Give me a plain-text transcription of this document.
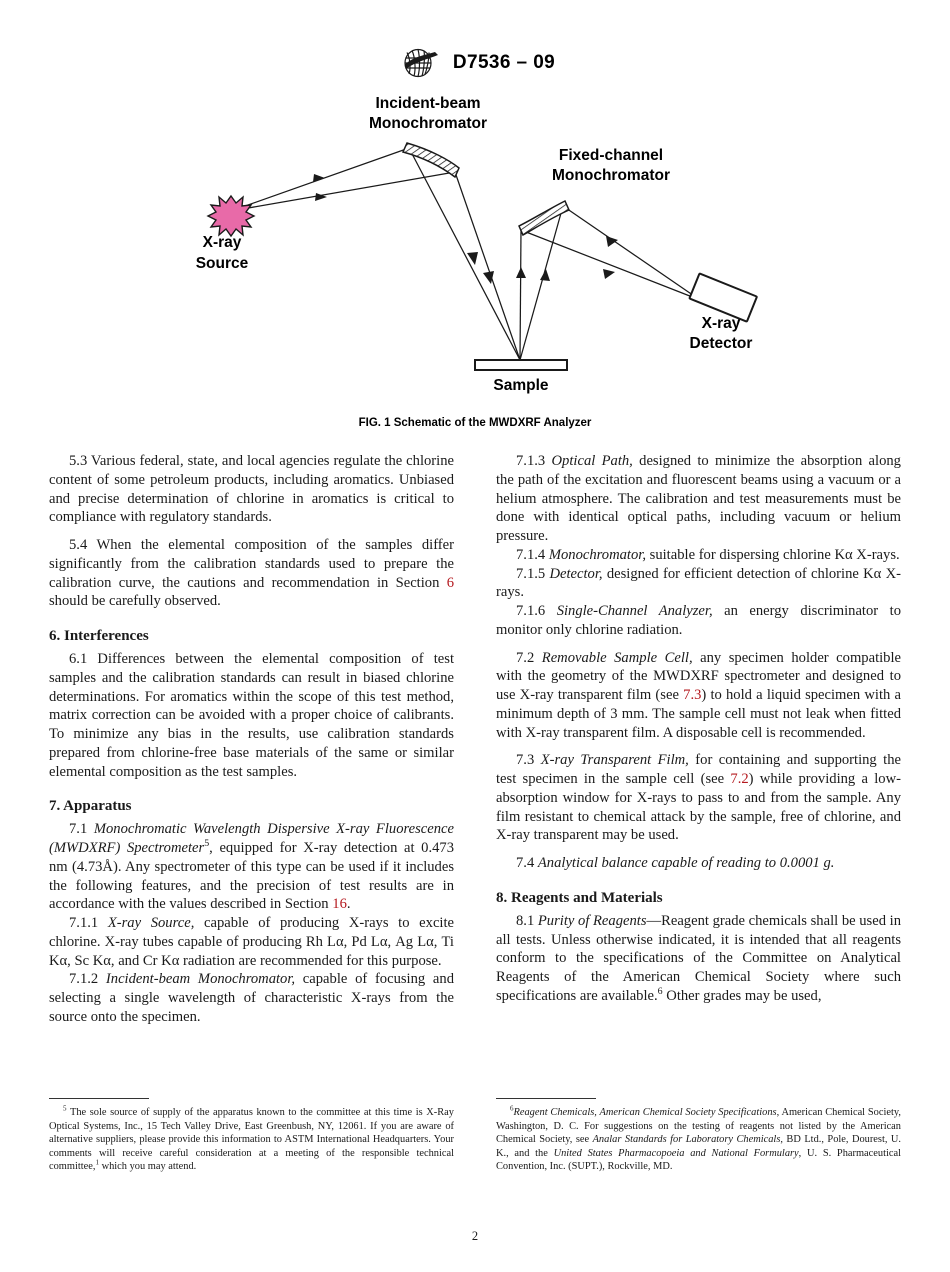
D7536 – 09
Incident-beam
Monochromator
Fixed-channel
Monochromator
X-ray
Source
X-ray
Detector
Sample
FIG. 1 Schematic of the MWDXRF Analyzer

5.3 Various federal, state, and local agencies regulate the chlorine content of some petroleum products, including aromatics. Unbiased and precise determination of chlorine in aromatics is critical to compliance with regulatory standards.

5.4 When the elemental composition of the samples differ significantly from the calibration standards used to prepare the calibration curve, the cautions and recommendation in Section 6 should be carefully observed.

6. Interferences

6.1 Differences between the elemental composition of test samples and the calibration standards can result in biased chlorine determinations. For aromatics within the scope of this test method, matrix correction can be avoided with a proper choice of calibrants. To minimize any bias in the results, use calibration standards prepared from chlorine-free base materials of the same or similar elemental composition as the test samples.

7. Apparatus

7.1 Monochromatic Wavelength Dispersive X-ray Fluorescence (MWDXRF) Spectrometer$^5$, equipped for X-ray detection at 0.473 nm (4.73Å). Any spectrometer of this type can be used if it includes the following features, and the precision of test results are in accordance with the values described in Section 16.

7.1.1 X-ray Source, capable of producing X-rays to excite chlorine. X-ray tubes capable of producing Rh Lα, Pd Lα, Ag Lα, Ti Kα, Sc Kα, and Cr Kα radiation are recommended for this purpose.

7.1.2 Incident-beam Monochromator, capable of focusing and selecting a single wavelength of characteristic X-rays from the source onto the specimen.

7.1.3 Optical Path, designed to minimize the absorption along the path of the excitation and fluorescent beams using a vacuum or a helium atmosphere. The calibration and test measurements must be done with identical optical paths, including vacuum or helium pressure.

7.1.4 Monochromator, suitable for dispersing chlorine Kα X-rays.

7.1.5 Detector, designed for efficient detection of chlorine Kα X-rays.

7.1.6 Single-Channel Analyzer, an energy discriminator to monitor only chlorine radiation.

7.2 Removable Sample Cell, any specimen holder compatible with the geometry of the MWDXRF spectrometer and designed to use X-ray transparent film (see 7.3) to hold a liquid specimen with a minimum depth of 3 mm. The sample cell must not leak when fitted with X-ray transparent film. A disposable cell is recommended.

7.3 X-ray Transparent Film, for containing and supporting the test specimen in the sample cell (see 7.2) while providing a low-absorption window for X-rays to pass to and from the sample. Any film resistant to chemical attack by the sample, free of chlorine, and X-ray transparent may be used.

7.4 Analytical balance capable of reading to 0.0001 g.

8. Reagents and Materials

8.1 Purity of Reagents—Reagent grade chemicals shall be used in all tests. Unless otherwise indicated, it is intended that all reagents conform to the specifications of the Committee on Analytical Reagents of the American Chemical Society where such specifications are available.$^6$ Other grades may be used,

$^5$ The sole source of supply of the apparatus known to the committee at this time is X-Ray Optical Systems, Inc., 15 Tech Valley Drive, East Greenbush, NY, 12061. If you are aware of alternative suppliers, please provide this information to ASTM International Headquarters. Your comments will receive careful consideration at a meeting of the responsible technical committee,$^1$ which you may attend.

$^6$Reagent Chemicals, American Chemical Society Specifications, American Chemical Society, Washington, D. C. For suggestions on the testing of reagents not listed by the American Chemical Society, see Analar Standards for Laboratory Chemicals, BD Ltd., Pole, Dourest, U. K., and the United States Pharmacopoeia and National Formulary, U. S. Pharmaceutical Convention, Inc. (SUPT.), Rockville, MD.

2
